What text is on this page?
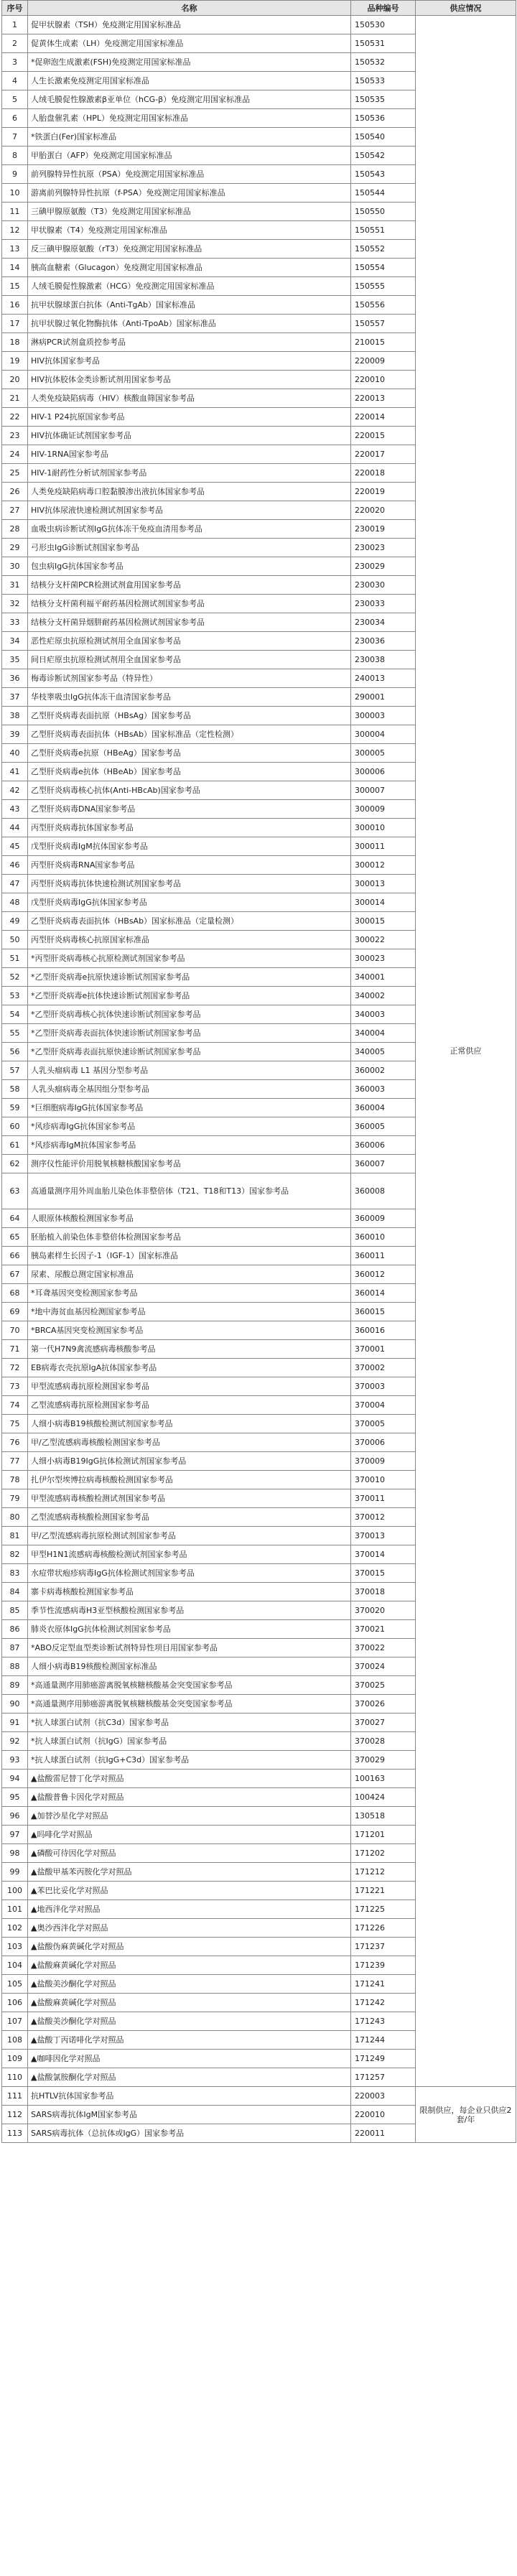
序号	名称	品种编号	供应情况
1	促甲状腺素（TSH）免疫测定用国家标准品	150530	正常供应
2	促黄体生成素（LH）免疫测定用国家标准品	150531	
3	*促卵泡生成激素(FSH)免疫测定用国家标准品	150532	
4	人生长激素免疫测定用国家标准品	150533	
5	人绒毛膜促性腺激素β亚单位（hCG-β）免疫测定用国家标准品	150535	
6	人胎盘催乳素（HPL）免疫测定用国家标准品	150536	
7	*铁蛋白(Fer)国家标准品	150540	
8	甲胎蛋白（AFP）免疫测定用国家标准品	150542	
9	前列腺特异性抗原（PSA）免疫测定用国家标准品	150543	
10	游离前列腺特异性抗原（f-PSA）免疫测定用国家标准品	150544	
11	三碘甲腺原氨酸（T3）免疫测定用国家标准品	150550	
12	甲状腺素（T4）免疫测定用国家标准品	150551	
13	反三碘甲腺原氨酸（rT3）免疫测定用国家标准品	150552	
14	胰高血糖素（Glucagon）免疫测定用国家标准品	150554	
15	人绒毛膜促性腺激素（HCG）免疫测定用国家标准品	150555	
16	抗甲状腺球蛋白抗体（Anti-TgAb）国家标准品	150556	
17	抗甲状腺过氧化物酶抗体（Anti-TpoAb）国家标准品	150557	
18	淋病PCR试剂盒质控参考品	210015	
19	HIV抗体国家参考品	220009	
20	HIV抗体胶体金类诊断试剂用国家参考品	220010	
21	人类免疫缺陷病毒（HIV）核酸血筛国家参考品	220013	
22	HIV-1 P24抗原国家参考品	220014	
23	HIV抗体确证试剂国家参考品	220015	
24	HIV-1RNA国家参考品	220017	
25	HIV-1耐药性分析试剂国家参考品	220018	
26	人类免疫缺陷病毒口腔黏膜渗出液抗体国家参考品	220019	
27	HIV抗体尿液快速检测试剂国家参考品	220020	
28	血吸虫病诊断试剂IgG抗体冻干免疫血清用参考品	230019	
29	弓形虫IgG诊断试剂国家参考品	230023	
30	包虫病IgG抗体国家参考品	230029	
31	结核分支杆菌PCR检测试剂盒用国家参考品	230030	
32	结核分支杆菌利福平耐药基因检测试剂国家参考品	230033	
33	结核分支杆菌异烟肼耐药基因检测试剂国家参考品	230034	
34	恶性疟原虫抗原检测试剂用全血国家参考品	230036	
35	间日疟原虫抗原检测试剂用全血国家参考品	230038	
36	梅毒诊断试剂国家参考品（特异性）	240013	
37	华枝睾吸虫IgG抗体冻干血清国家参考品	290001	
38	乙型肝炎病毒表面抗原（HBsAg）国家参考品	300003	
39	乙型肝炎病毒表面抗体（HBsAb）国家标准品（定性检测）	300004	
40	乙型肝炎病毒e抗原（HBeAg）国家参考品	300005	
41	乙型肝炎病毒e抗体（HBeAb）国家参考品	300006	
42	乙型肝炎病毒核心抗体(Anti-HBcAb)国家参考品	300007	
43	乙型肝炎病毒DNA国家参考品	300009	
44	丙型肝炎病毒抗体国家参考品	300010	
45	戊型肝炎病毒IgM抗体国家参考品	300011	
46	丙型肝炎病毒RNA国家参考品	300012	
47	丙型肝炎病毒抗体快速检测试剂国家参考品	300013	
48	戊型肝炎病毒IgG抗体国家参考品	300014	
49	乙型肝炎病毒表面抗体（HBsAb）国家标准品（定量检测）	300015	
50	丙型肝炎病毒核心抗原国家标准品	300022	
51	*丙型肝炎病毒核心抗原检测试剂国家参考品	300023	
52	*乙型肝炎病毒e抗原快速诊断试剂国家参考品	340001	
53	*乙型肝炎病毒e抗体快速诊断试剂国家参考品	340002	
54	*乙型肝炎病毒核心抗体快速诊断试剂国家参考品	340003	
55	*乙型肝炎病毒表面抗体快速诊断试剂国家参考品	340004	
56	*乙型肝炎病毒表面抗原快速诊断试剂国家参考品	340005	
57	人乳头瘤病毒 L1 基因分型参考品	360002	
58	人乳头瘤病毒全基因组分型参考品	360003	
59	*巨细胞病毒IgG抗体国家参考品	360004	
60	*风疹病毒IgG抗体国家参考品	360005	
61	*风疹病毒IgM抗体国家参考品	360006	
62	测序仪性能评价用脱氧核糖核酸国家参考品	360007	
63	高通量测序用外周血胎儿染色体非整倍体（T21、T18和T13）国家参考品	360008	
64	人眼原体核酸检测国家参考品	360009	
65	胚胎植入前染色体非整倍体检测国家参考品	360010	
66	胰岛素样生长因子-1（IGF-1）国家标准品	360011	
67	尿素、尿酸总测定国家标准品	360012	
68	*耳聋基因突变检测国家参考品	360014	
69	*地中海贫血基因检测国家参考品	360015	
70	*BRCA基因突变检测国家参考品	360016	
71	第一代H7N9禽流感病毒核酸参考品	370001	
72	EB病毒衣壳抗原IgA抗体国家参考品	370002	
73	甲型流感病毒抗原检测国家参考品	370003	
74	乙型流感病毒抗原检测国家参考品	370004	
75	人细小病毒B19核酸检测试剂国家参考品	370005	
76	甲/乙型流感病毒核酸检测国家参考品	370006	
77	人细小病毒B19IgG抗体检测试剂国家参考品	370009	
78	扎伊尔型埃博拉病毒核酸检测国家参考品	370010	
79	甲型流感病毒核酸检测试剂国家参考品	370011	
80	乙型流感病毒核酸检测国家参考品	370012	
81	甲/乙型流感病毒抗原检测试剂国家参考品	370013	
82	甲型H1N1流感病毒核酸检测试剂国家参考品	370014	
83	水痘带状疱疹病毒IgG抗体检测试剂国家参考品	370015	
84	寨卡病毒核酸检测国家参考品	370018	
85	季节性流感病毒H3亚型核酸检测国家参考品	370020	
86	肺炎衣原体IgG抗体检测试剂国家参考品	370021	
87	*ABO反定型血型类诊断试剂特异性项目用国家参考品	370022	
88	人细小病毒B19核酸检测国家标准品	370024	
89	*高通量测序用肺癌游离脱氧核糖核酸基金突变国家参考品	370025	
90	*高通量测序用肺癌游离脱氧核糖核酸基金突变国家参考品	370026	
91	*抗人球蛋白试剂（抗C3d）国家参考品	370027	
92	*抗人球蛋白试剂（抗IgG）国家参考品	370028	
93	*抗人球蛋白试剂（抗IgG+C3d）国家参考品	370029	
94	▲盐酸雷尼替丁化学对照品	100163	
95	▲盐酸普鲁卡因化学对照品	100424	
96	▲加替沙星化学对照品	130518	
97	▲吗啡化学对照品	171201	
98	▲磷酸可待因化学对照品	171202	
99	▲盐酸甲基苯丙胺化学对照品	171212	
100	▲苯巴比妥化学对照品	171221	
101	▲地西泮化学对照品	171225	
102	▲奥沙西泮化学对照品	171226	
103	▲盐酸伪麻黄碱化学对照品	171237	
104	▲盐酸麻黄碱化学对照品	171239	
105	▲盐酸美沙酮化学对照品	171241	
106	▲盐酸麻黄碱化学对照品	171242	
107	▲盐酸美沙酮化学对照品	171243	
108	▲盐酸丁丙诺啡化学对照品	171244	
109	▲咖啡因化学对照品	171249	
110	▲盐酸氯胺酮化学对照品	171257	
111	抗HTLV抗体国家参考品	220003	限制供应，每企业只供应2套/年
112	SARS病毒抗体IgM国家参考品	220010	
113	SARS病毒抗体（总抗体或IgG）国家参考品	220011	
